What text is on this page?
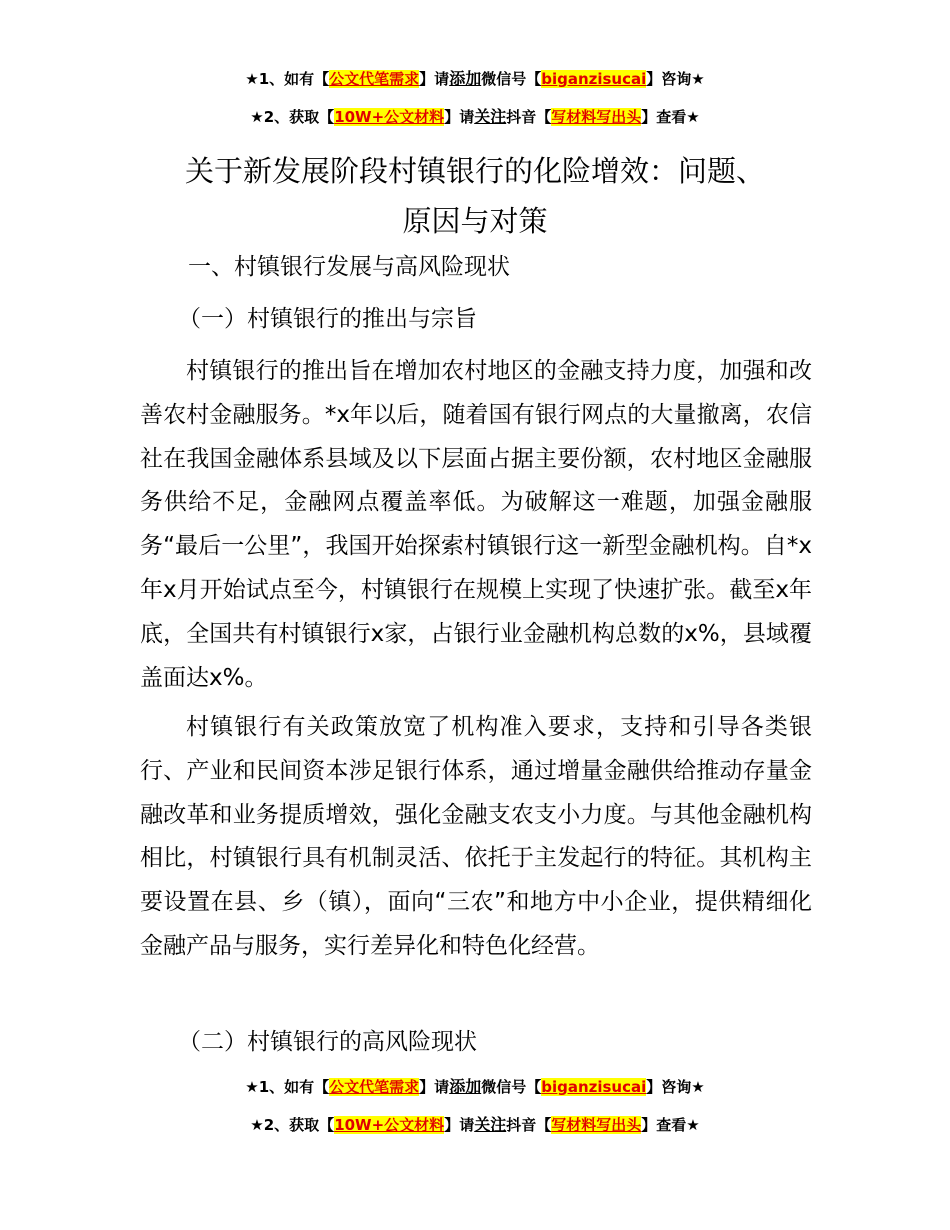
★1、如有【公文代笔需求】请添加微信号【biganzisucai】咨询★
★2、获取【10W+公文材料】请关注抖音【写材料写出头】查看★
关于新发展阶段村镇银行的化险增效：问题、
原因与对策
一、村镇银行发展与高风险现状
（一）村镇银行的推出与宗旨
村镇银行的推出旨在增加农村地区的金融支持力度，加强和改善农村金融服务。*x年以后，随着国有银行网点的大量撤离，农信社在我国金融体系县域及以下层面占据主要份额，农村地区金融服务供给不足，金融网点覆盖率低。为破解这一难题，加强金融服务“最后一公里”，我国开始探索村镇银行这一新型金融机构。自*x年x月开始试点至今，村镇银行在规模上实现了快速扩张。截至x年底，全国共有村镇银行x家，占银行业金融机构总数的x%，县域覆盖面达x%。
村镇银行有关政策放宽了机构准入要求，支持和引导各类银行、产业和民间资本涉足银行体系，通过增量金融供给推动存量金融改革和业务提质增效，强化金融支农支小力度。与其他金融机构相比，村镇银行具有机制灵活、依托于主发起行的特征。其机构主要设置在县、乡（镇），面向“三农”和地方中小企业，提供精细化金融产品与服务，实行差异化和特色化经营。
（二）村镇银行的高风险现状
★1、如有【公文代笔需求】请添加微信号【biganzisucai】咨询★
★2、获取【10W+公文材料】请关注抖音【写材料写出头】查看★
